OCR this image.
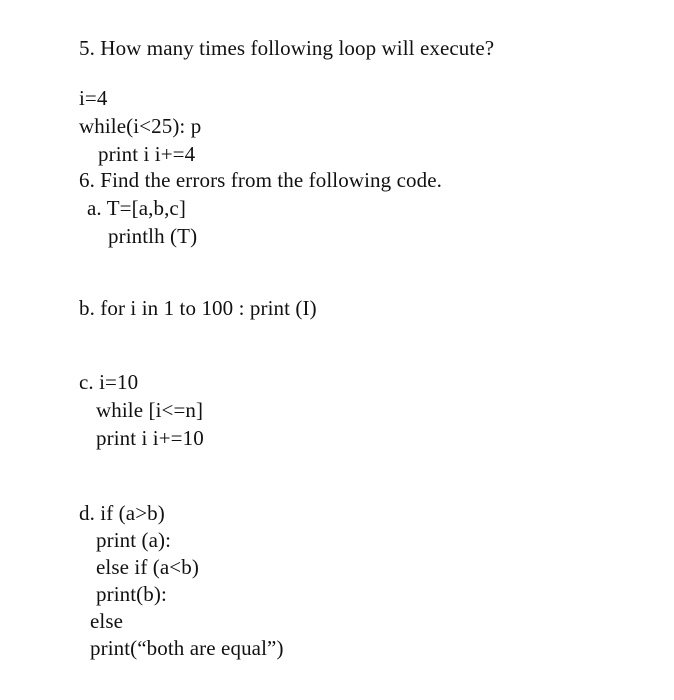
5. How many times following loop will execute?
i=4
while(i<25): p
print i i+=4
6. Find the errors from the following code.
a. T=[a,b,c]
printlh (T)
b. for i in 1 to 100 : print (I)
c. i=10
while [i<=n]
print i i+=10
d. if (a>b)
print (a):
else if (a<b)
print(b):
else
print(“both are equal”)
